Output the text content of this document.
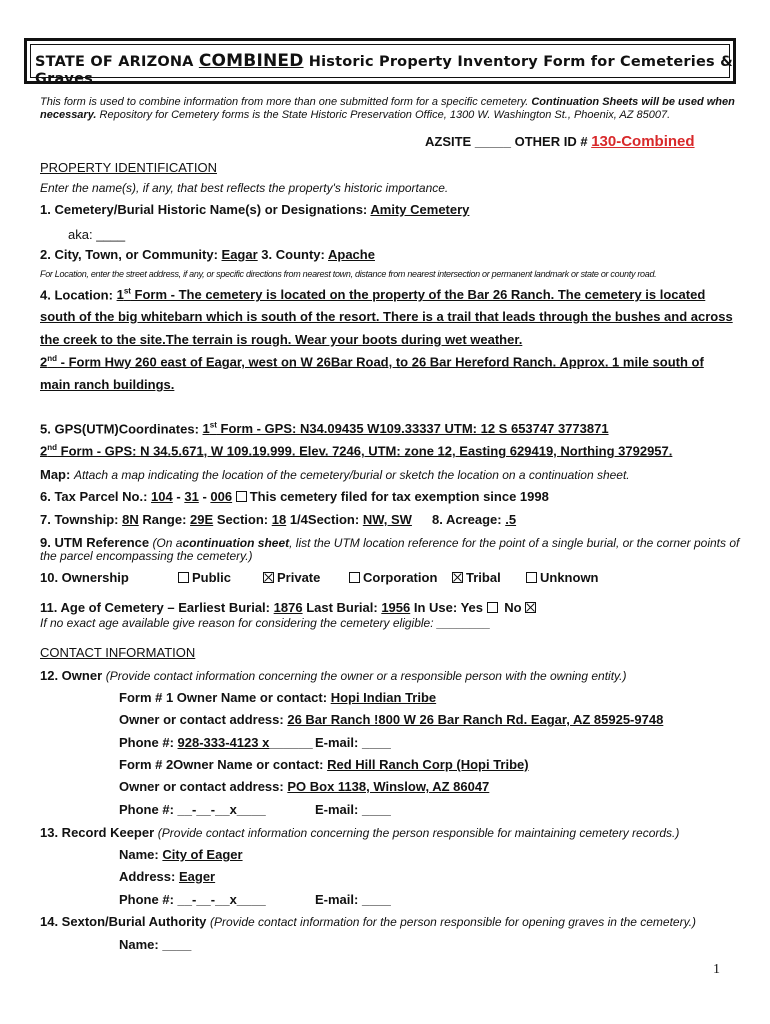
STATE OF ARIZONA COMBINED Historic Property Inventory Form for Cemeteries & Graves
This form is used to combine information from more than one submitted form for a specific cemetery. Continuation Sheets will be used when
necessary. Repository for Cemetery forms is the State Historic Preservation Office, 1300 W. Washington St., Phoenix, AZ 85007.
AZSITE _____ OTHER ID # 130-Combined
PROPERTY IDENTIFICATION
Enter the name(s), if any, that best reflects the property's historic importance.
1. Cemetery/Burial Historic Name(s) or Designations: Amity Cemetery
aka: ____
2. City, Town, or Community: Eagar 3. County: Apache
For Location, enter the street address, if any, or specific directions from nearest town, distance from nearest intersection or permanent landmark or state or county road.
4. Location: 1st Form - The cemetery is located on the property of the Bar 26 Ranch. The cemetery is located
south of the big whitebarn which is south of the resort. There is a trail that leads through the bushes and across
the creek to the site.The terrain is rough. Wear your boots during wet weather.
2nd - Form Hwy 260 east of Eagar, west on W 26Bar Road, to 26 Bar Hereford Ranch. Approx. 1 mile south of
main ranch buildings.
5. GPS(UTM)Coordinates: 1st Form - GPS: N34.09435 W109.33337 UTM: 12 S 653747 3773871
2nd Form - GPS: N 34.5.671, W 109.19.999. Elev. 7246, UTM: zone 12, Easting 629419, Northing 3792957.
Map: Attach a map indicating the location of the cemetery/burial or sketch the location on a continuation sheet.
6. Tax Parcel No.: 104 - 31 - 006 This cemetery filed for tax exemption since 1998
7. Township: 8N Range: 29E Section: 18 1/4Section: NW, SW 8. Acreage: .5
9. UTM Reference (On acontinuation sheet, list the UTM location reference for the point of a single burial, or the corner points of
the parcel encompassing the cemetery.)
10. Ownership	Public	Private	Corporation	Tribal	Unknown
11. Age of Cemetery – Earliest Burial: 1876 Last Burial: 1956 In Use: Yes No
If no exact age available give reason for considering the cemetery eligible: ________
CONTACT INFORMATION
12. Owner (Provide contact information concerning the owner or a responsible person with the owning entity.)
Form # 1 Owner Name or contact: Hopi Indian Tribe
Owner or contact address: 26 Bar Ranch !800 W 26 Bar Ranch Rd. Eagar, AZ 85925-9748
Phone #: 928-333-4123 x______ E-mail: ____
Form # 2Owner Name or contact: Red Hill Ranch Corp (Hopi Tribe)
Owner or contact address: PO Box 1138, Winslow, AZ 86047
Phone #: __-__-__x____	E-mail: ____
13. Record Keeper (Provide contact information concerning the person responsible for maintaining cemetery records.)
Name: City of Eager
Address: Eager
Phone #: __-__-__x____	E-mail: ____
14. Sexton/Burial Authority (Provide contact information for the person responsible for opening graves in the cemetery.)
Name: ____
1
